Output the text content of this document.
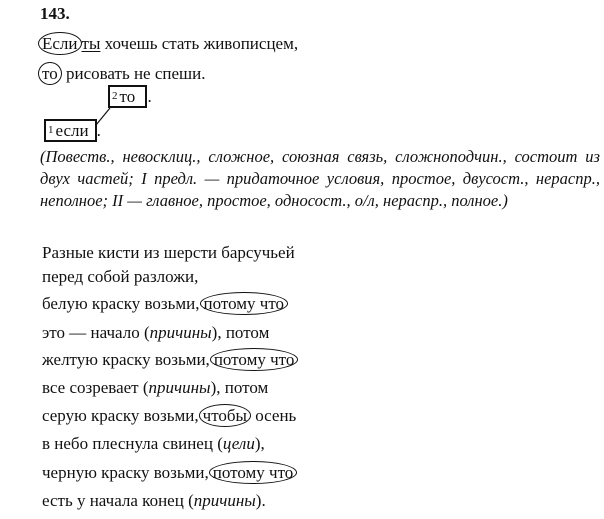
143.
Если ты хочешь стать живописцем,
то рисовать не спеши.
$^2$ то .
$^1$ если .
(Повеств., невосклиц., сложное, союзная связь, сложноподчин., состоит из двух частей; I предл. — придаточное условия, простое, двусост., нераспр., неполное; II — главное, простое, односост., о/л, нераспр., полное.)
Разные кисти из шерсти барсучьей
перед собой разложи,
белую краску возьми, потому что
это — начало (причины), потом
желтую краску возьми, потому что
все созревает (причины), потом
серую краску возьми, чтобы осень
в небо плеснула свинец (цели),
черную краску возьми, потому что
есть у начала конец (причины).
